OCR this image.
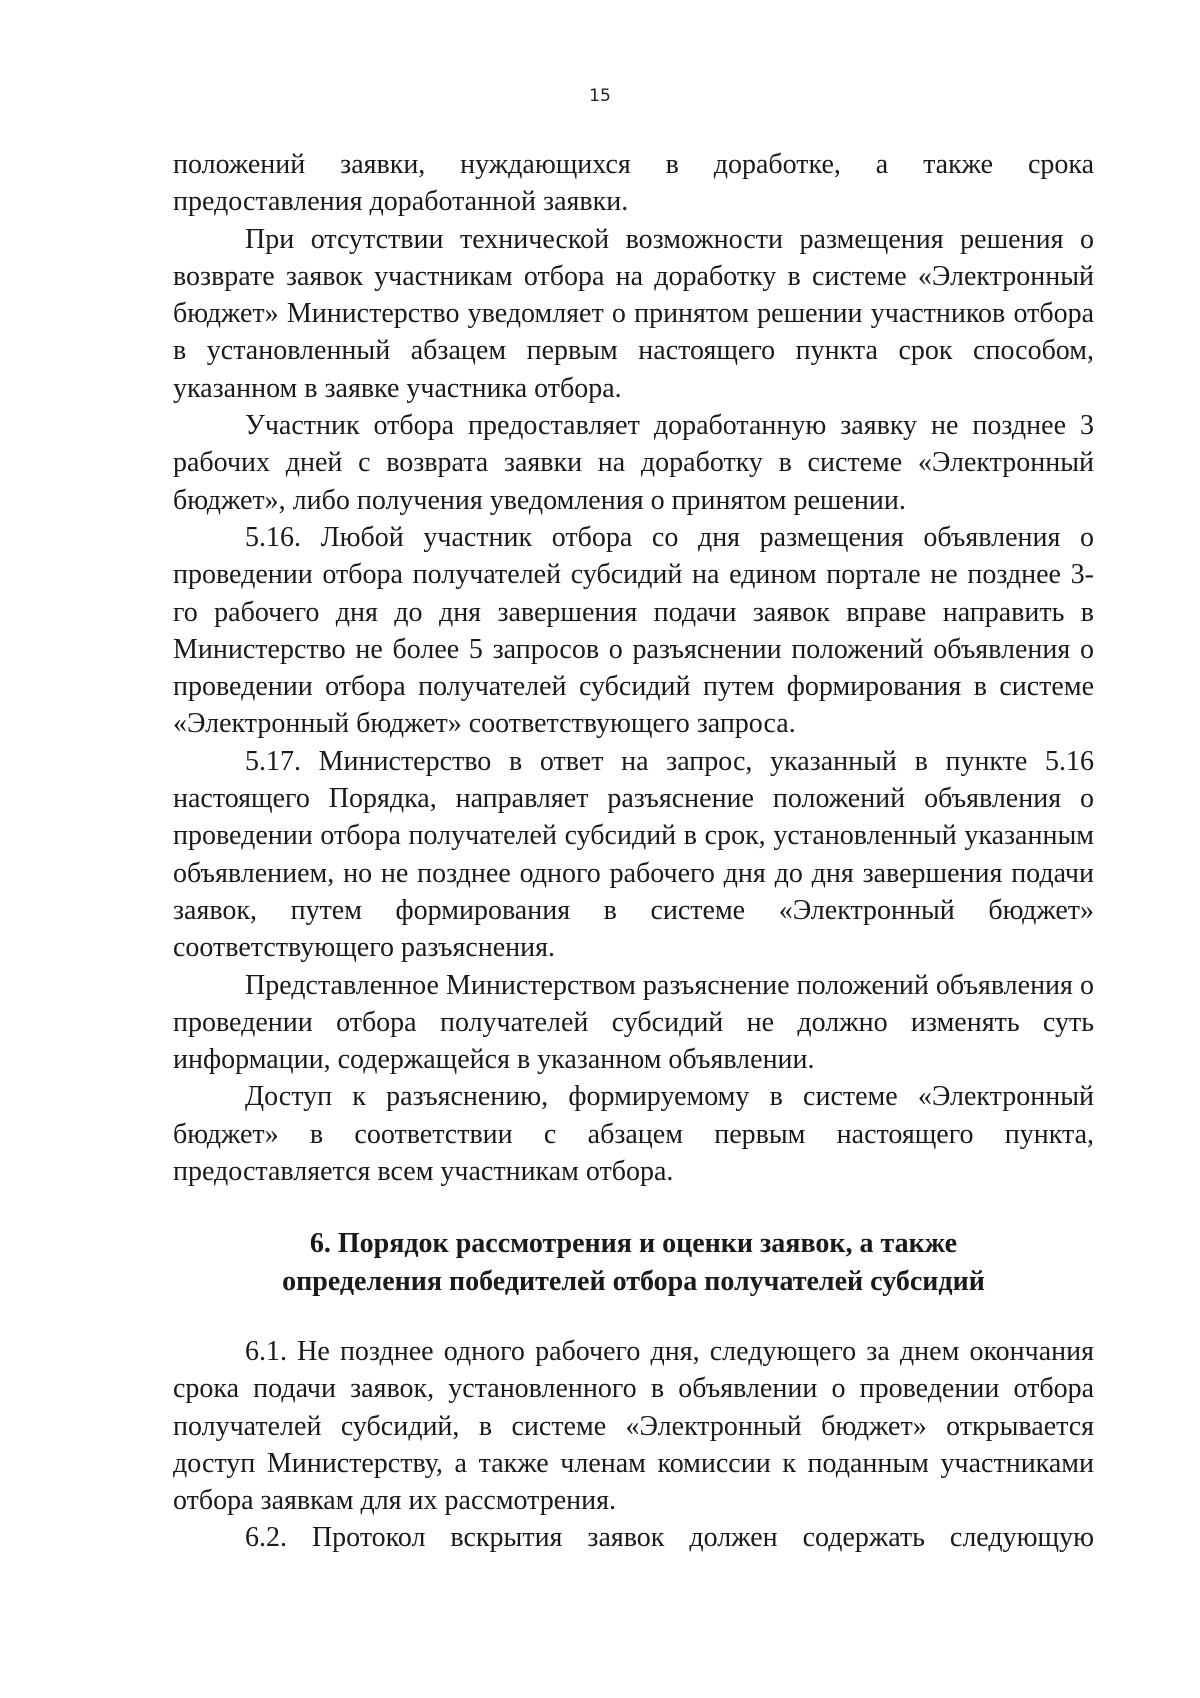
15

положений заявки, нуждающихся в доработке, а также срока предоставления доработанной заявки.

При отсутствии технической возможности размещения решения о возврате заявок участникам отбора на доработку в системе «Электронный бюджет» Министерство уведомляет о принятом решении участников отбора в установленный абзацем первым настоящего пункта срок способом, указанном в заявке участника отбора.

Участник отбора предоставляет доработанную заявку не позднее 3 рабочих дней с возврата заявки на доработку в системе «Электронный бюджет», либо получения уведомления о принятом решении.

5.16. Любой участник отбора со дня размещения объявления о проведении отбора получателей субсидий на едином портале не позднее 3-го рабочего дня до дня завершения подачи заявок вправе направить в Министерство не более 5 запросов о разъяснении положений объявления о проведении отбора получателей субсидий путем формирования в системе «Электронный бюджет» соответствующего запроса.

5.17. Министерство в ответ на запрос, указанный в пункте 5.16 настоящего Порядка, направляет разъяснение положений объявления о проведении отбора получателей субсидий в срок, установленный указанным объявлением, но не позднее одного рабочего дня до дня завершения подачи заявок, путем формирования в системе «Электронный бюджет» соответствующего разъяснения.

Представленное Министерством разъяснение положений объявления о проведении отбора получателей субсидий не должно изменять суть информации, содержащейся в указанном объявлении.

Доступ к разъяснению, формируемому в системе «Электронный бюджет» в соответствии с абзацем первым настоящего пункта, предоставляется всем участникам отбора.

6. Порядок рассмотрения и оценки заявок, а также
определения победителей отбора получателей субсидий

6.1. Не позднее одного рабочего дня, следующего за днем окончания срока подачи заявок, установленного в объявлении о проведении отбора получателей субсидий, в системе «Электронный бюджет» открывается доступ Министерству, а также членам комиссии к поданным участниками отбора заявкам для их рассмотрения.

6.2. Протокол вскрытия заявок должен содержать следующую
